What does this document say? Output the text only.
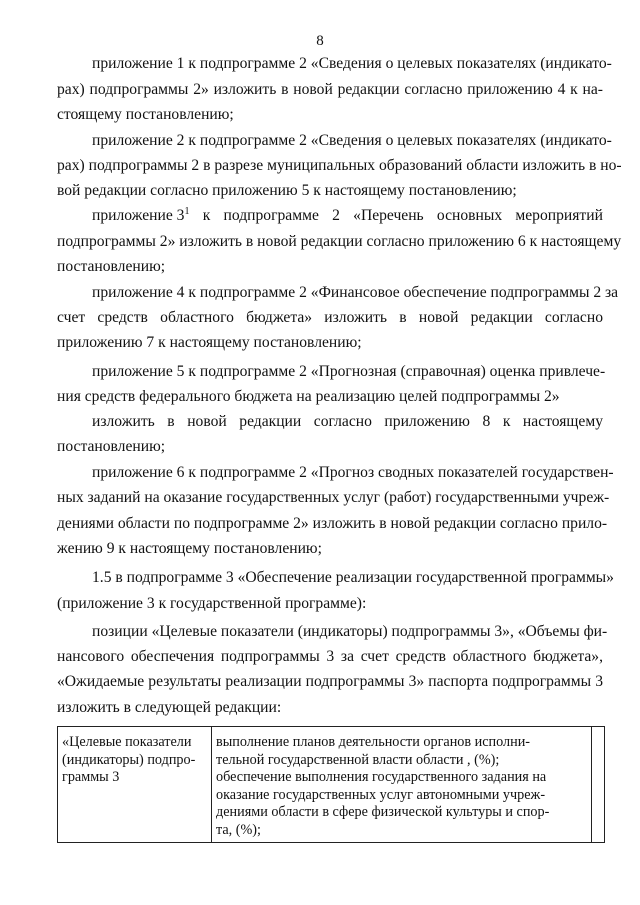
8
приложение 1 к подпрограмме 2 «Сведения о целевых показателях (индикато-
рах) подпрограммы 2» изложить в новой редакции согласно приложению 4 к на-
стоящему постановлению;
приложение 2 к подпрограмме 2 «Сведения о целевых показателях (индикато-
рах) подпрограммы 2 в разрезе муниципальных образований области изложить в но-
вой редакции согласно приложению 5 к настоящему постановлению;
приложение $3^1$ к подпрограмме 2 «Перечень основных мероприятий
подпрограммы 2» изложить в новой редакции согласно приложению 6 к настоящему
постановлению;
приложение 4 к подпрограмме 2 «Финансовое обеспечение подпрограммы 2 за
счет средств областного бюджета» изложить в новой редакции согласно
приложению 7 к настоящему постановлению;
приложение 5 к подпрограмме 2 «Прогнозная (справочная) оценка привлече-
ния средств федерального бюджета на реализацию целей подпрограммы 2»
изложить в новой редакции согласно приложению 8 к настоящему
постановлению;
приложение 6 к подпрограмме 2 «Прогноз сводных показателей государствен-
ных заданий на оказание государственных услуг (работ) государственными учреж-
дениями области по подпрограмме 2» изложить в новой редакции согласно прило-
жению 9 к настоящему постановлению;
1.5 в подпрограмме 3 «Обеспечение реализации государственной программы»
(приложение 3 к государственной программе):
позиции «Целевые показатели (индикаторы) подпрограммы 3», «Объемы фи-
нансового обеспечения подпрограммы 3 за счет средств областного бюджета»,
«Ожидаемые результаты реализации подпрограммы 3» паспорта подпрограммы 3
изложить в следующей редакции:
«Целевые показатели
(индикаторы) подпро-
граммы 3
выполнение планов деятельности органов исполни-
тельной государственной власти области , (%);
обеспечение выполнения государственного задания на
оказание государственных услуг автономными учреж-
дениями области в сфере физической культуры и спор-
та, (%);
